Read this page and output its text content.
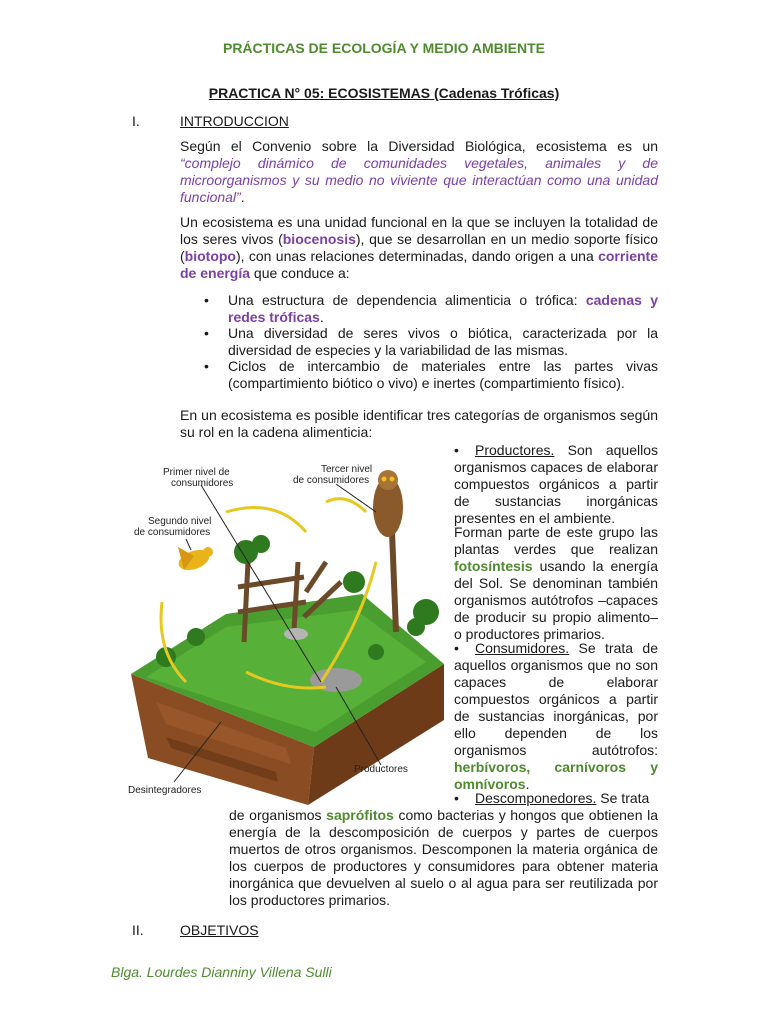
PRÁCTICAS DE ECOLOGÍA Y MEDIO AMBIENTE
PRACTICA N° 05: ECOSISTEMAS (Cadenas Tróficas)
I.	INTRODUCCION

Según el Convenio sobre la Diversidad Biológica, ecosistema es un “complejo dinámico de comunidades vegetales, animales y de microorganismos y su medio no viviente que interactúan como una unidad funcional”.

Un ecosistema es una unidad funcional en la que se incluyen la totalidad de los seres vivos (biocenosis), que se desarrollan en un medio soporte físico (biotopo), con unas relaciones determinadas, dando origen a una corriente de energía que conduce a:

• Una estructura de dependencia alimenticia o trófica: cadenas y redes tróficas.

• Una diversidad de seres vivos o biótica, caracterizada por la diversidad de especies y la variabilidad de las mismas.

• Ciclos de intercambio de materiales entre las partes vivas (compartimiento biótico o vivo) e inertes (compartimiento físico).

En un ecosistema es posible identificar tres categorías de organismos según su rol en la cadena alimenticia:

Primer nivel de consumidores
Tercer nivel de consumidores
Segundo nivel de consumidores
Productores
Desintegradores
•	Productores. Son aquellos organismos capaces de elaborar compuestos orgánicos a partir de sustancias inorgánicas presentes en el ambiente.

Forman parte de este grupo las plantas verdes que realizan fotosíntesis usando la energía del Sol. Se denominan también organismos autótrofos –capaces de producir su propio alimento– o productores primarios.

•	Consumidores. Se trata de aquellos organismos que no son capaces de elaborar compuestos orgánicos a partir de sustancias inorgánicas, por ello dependen de los organismos autótrofos: herbívoros, carnívoros y omnívoros.

•	Descomponedores. Se trata

de organismos saprófitos como bacterias y hongos que obtienen la energía de la descomposición de cuerpos y partes de cuerpos muertos de otros organismos. Descomponen la materia orgánica de los cuerpos de productores y consumidores para obtener materia inorgánica que devuelven al suelo o al agua para ser reutilizada por los productores primarios.

II.	OBJETIVOS
Blga. Lourdes Dianniny Villena Sulli
